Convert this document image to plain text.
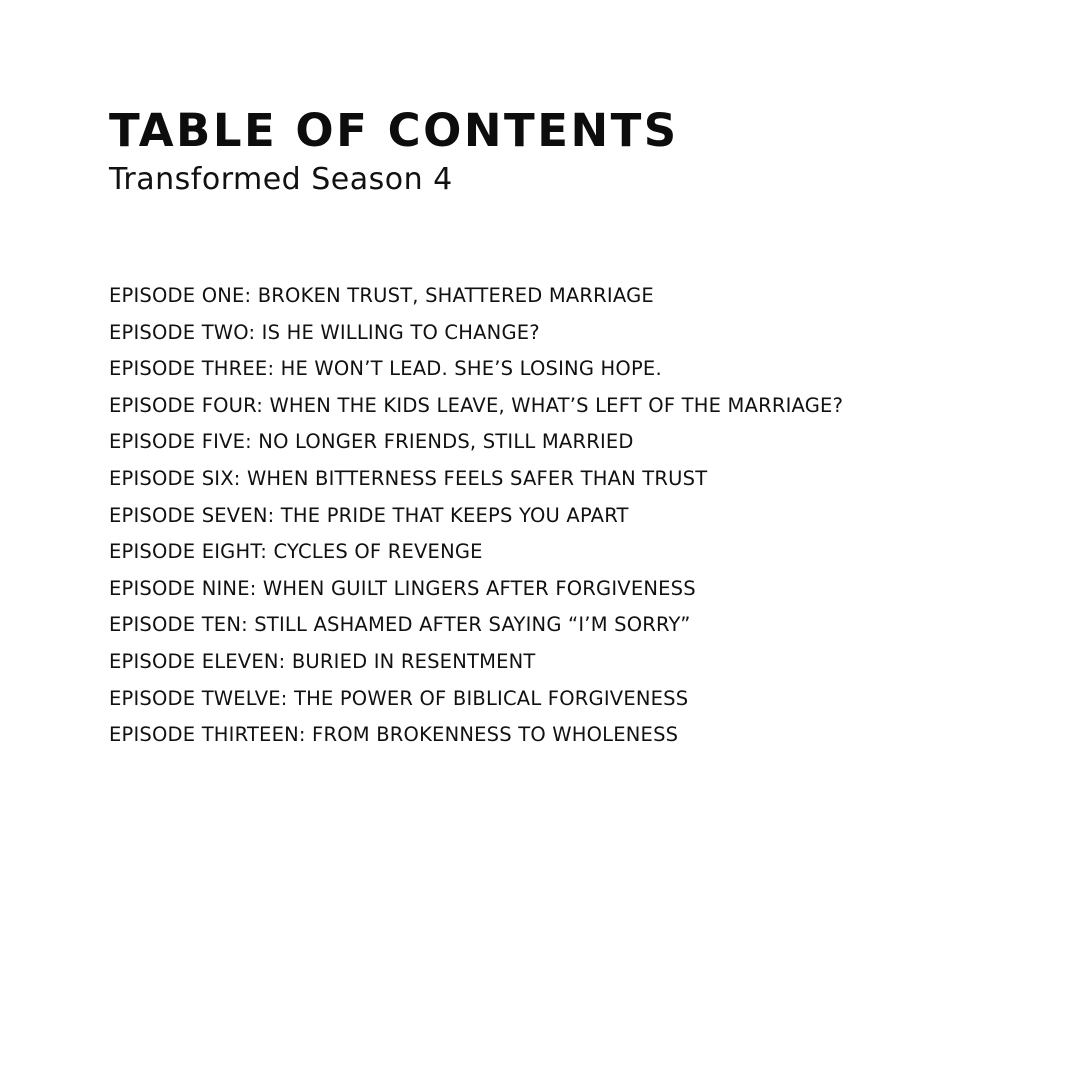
TABLE OF CONTENTS
Transformed Season 4
EPISODE ONE: BROKEN TRUST, SHATTERED MARRIAGE
EPISODE TWO: IS HE WILLING TO CHANGE?
EPISODE THREE: HE WON’T LEAD. SHE’S LOSING HOPE.
EPISODE FOUR: WHEN THE KIDS LEAVE, WHAT’S LEFT OF THE MARRIAGE?
EPISODE FIVE: NO LONGER FRIENDS, STILL MARRIED
EPISODE SIX: WHEN BITTERNESS FEELS SAFER THAN TRUST
EPISODE SEVEN: THE PRIDE THAT KEEPS YOU APART
EPISODE EIGHT: CYCLES OF REVENGE
EPISODE NINE: WHEN GUILT LINGERS AFTER FORGIVENESS
EPISODE TEN: STILL ASHAMED AFTER SAYING “I’M SORRY”
EPISODE ELEVEN: BURIED IN RESENTMENT
EPISODE TWELVE: THE POWER OF BIBLICAL FORGIVENESS
EPISODE THIRTEEN: FROM BROKENNESS TO WHOLENESS
